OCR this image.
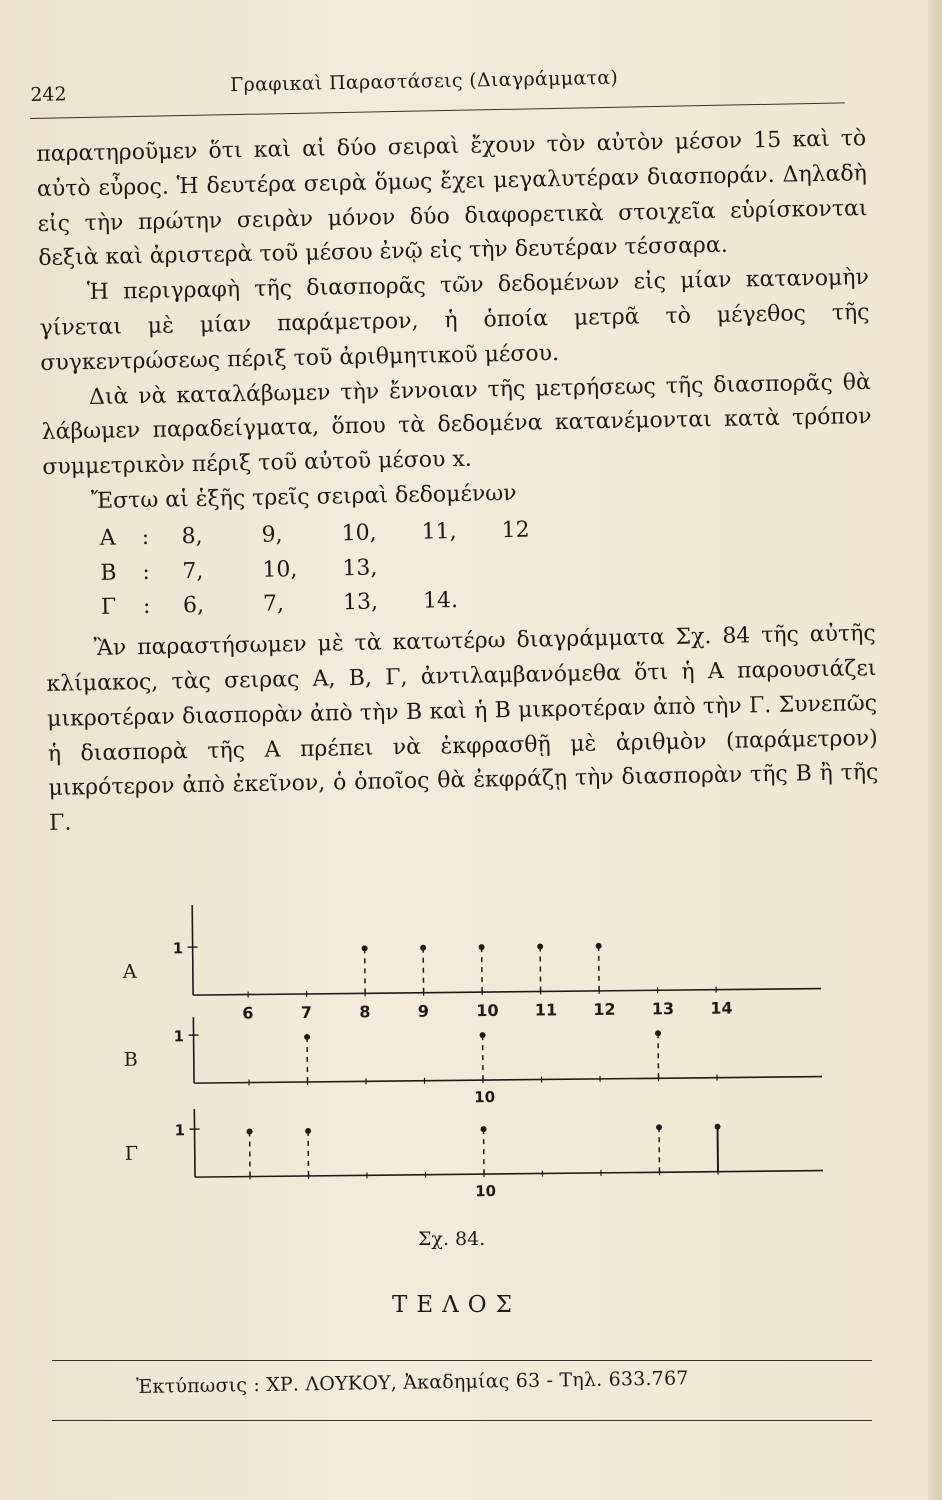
242	Γραφικαὶ Παραστάσεις (Διαγράμματα)

παρατηροῦμεν ὅτι καὶ αἱ δύο σειραὶ ἔχουν τὸν αὐτὸν μέσον 15 καὶ τὸ αὐτὸ εὖρος. Ἡ δευτέρα σειρὰ ὅμως ἔχει μεγαλυτέραν διασποράν. Δηλαδὴ εἰς τὴν πρώτην σειρὰν μόνον δύο διαφορετικὰ στοιχεῖα εὑρίσκονται δεξιὰ καὶ ἀριστερὰ τοῦ μέσου ἐνῷ εἰς τὴν δευτέραν τέσσαρα.

Ἡ περιγραφὴ τῆς διασπορᾶς τῶν δεδομένων εἰς μίαν κατανομὴν γίνεται μὲ μίαν παράμετρον, ἡ ὁποία μετρᾶ τὸ μέγεθος τῆς συγκεντρώσεως πέριξ τοῦ ἀριθμητικοῦ μέσου.

Διὰ νὰ καταλάβωμεν τὴν ἔννοιαν τῆς μετρήσεως τῆς διασπορᾶς θὰ λάβωμεν παραδείγματα, ὅπου τὰ δεδομένα κατανέμονται κατὰ τρόπον συμμετρικὸν πέριξ τοῦ αὐτοῦ μέσου x.

Ἔστω αἱ ἑξῆς τρεῖς σειραὶ δεδομένων

Α	:	8,	9,	10,	11,	12
Β	:	7,	10,	13,		
Γ	:	6,	7,	13,	14.	

Ἂν παραστήσωμεν μὲ τὰ κατωτέρω διαγράμματα Σχ. 84 τῆς αὐτῆς κλίμακος, τὰς σειρας Α, Β, Γ, ἀντιλαμβανόμεθα ὅτι ἡ Α παρουσιάζει μικροτέραν διασπορὰν ἀπὸ τὴν Β καὶ ἡ Β μικροτέραν ἀπὸ τὴν Γ. Συνεπῶς ἡ διασπορὰ τῆς Α πρέπει νὰ ἐκφρασθῇ μὲ ἀριθμὸν (παράμετρον) μικρότερον ἀπὸ ἐκεῖνον, ὁ ὁποῖος θὰ ἐκφράζῃ τὴν διασπορὰν τῆς Β ἢ τῆς Γ.

Α
1
6	7	8	9	10 11 12 13 14
Β
1
10
Γ
1
10
Σχ. 84.
ΤΕΛΟΣ
Ἐκτύπωσις : ΧΡ. ΛΟΥΚΟΥ, Ἀκαδημίας 63 - Τηλ. 633.767
